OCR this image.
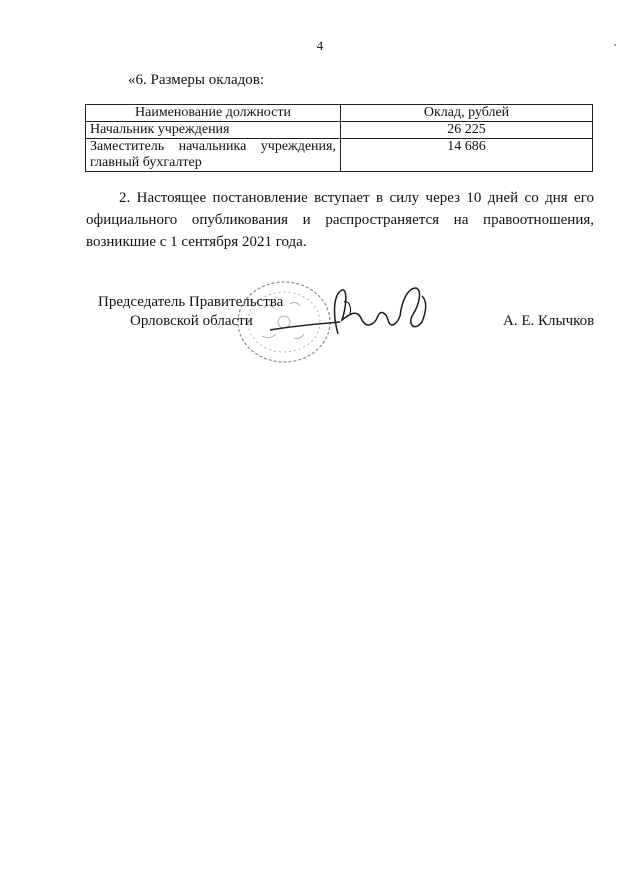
4
«6. Размеры окладов:
Наименование должности	Оклад, рублей
Начальник учреждения	26 225
Заместитель начальника учреждения, главный бухгалтер	14 686
2. Настоящее постановление вступает в силу через 10 дней со дня его официального опубликования и распространяется на правоотношения, возникшие с 1 сентября 2021 года.
Председатель Правительства
Орловской области	А. Е. Клычков
